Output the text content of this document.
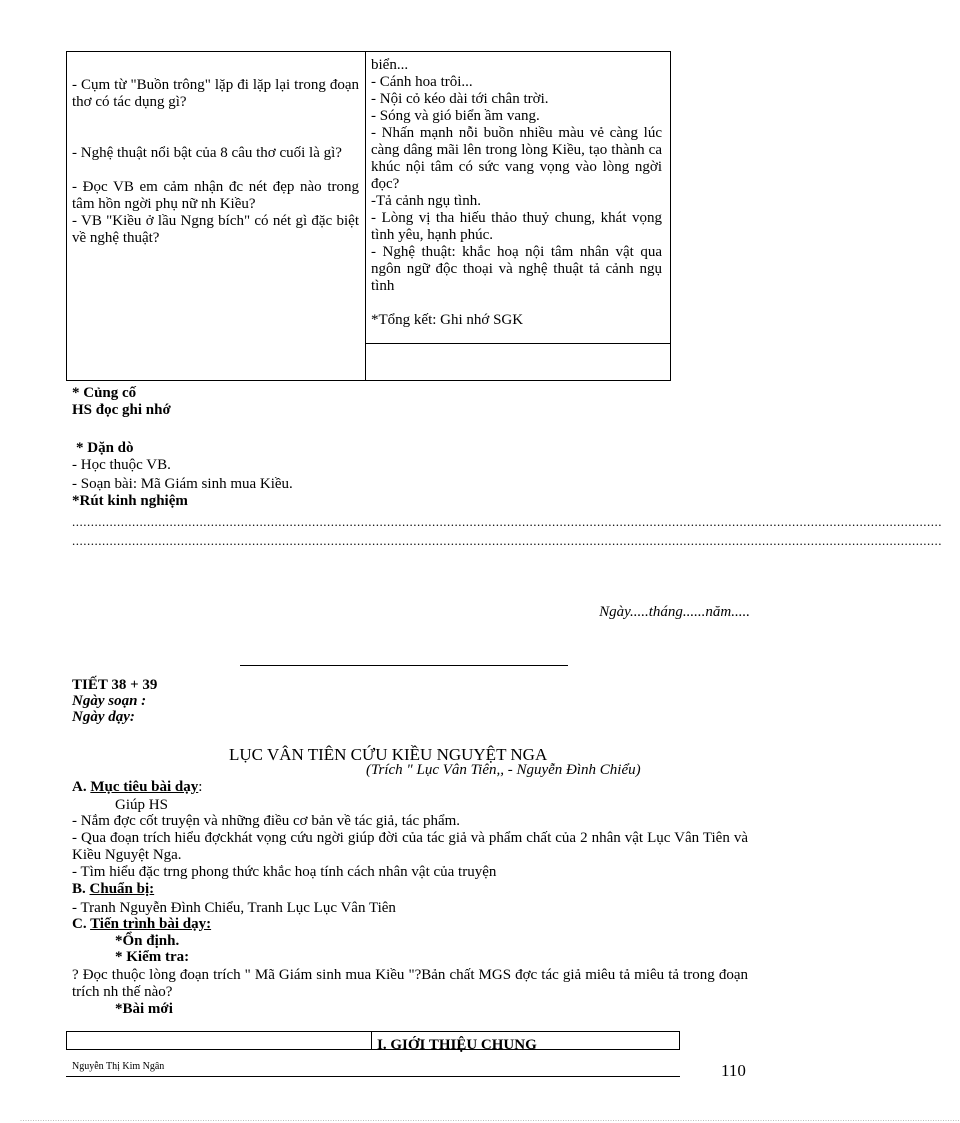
- Cụm từ "Buồn trông" lặp đi lặp lại trong đoạn thơ có tác dụng gì?

- Nghệ thuật nổi bật của 8 câu thơ cuối là gì?

- Đọc VB em cảm nhận đc nét đẹp nào trong tâm hồn ngời phụ nữ nh Kiều?

- VB "Kiều ở lầu Ngng bích" có nét gì đặc biệt về nghệ thuật?

biển...

- Cánh hoa trôi...

- Nội cỏ kéo dài tới chân trời.

- Sóng và gió biển ầm vang.

- Nhấn mạnh nỗi buồn nhiều màu vẻ càng lúc càng dâng mãi lên trong lòng Kiều, tạo thành ca khúc nội tâm có sức vang vọng vào lòng ngời đọc?

-Tả cảnh ngụ tình.

- Lòng vị tha hiếu thảo thuỷ chung, khát vọng tình yêu, hạnh phúc.

- Nghệ thuật: khắc hoạ nội tâm nhân vật qua ngôn ngữ độc thoại và nghệ thuật tả cảnh ngụ tình

*Tổng kết: Ghi nhớ SGK

* Củng cố
HS đọc ghi nhớ
* Dặn dò
- Học thuộc VB.
- Soạn bài: Mã Giám sinh mua Kiều.
*Rút kinh nghiệm
........................................................................................................................................................................................................................................
........................................................................................................................................................................................................................................
Ngày.....tháng......năm.....
TIẾT 38 + 39
Ngày soạn :
Ngày dạy:
LỤC VÂN TIÊN CỨU KIỀU NGUYỆT NGA
(Trích " Lục Vân Tiên,, - Nguyễn Đình Chiểu)
A. Mục tiêu bài dạy:
Giúp HS
- Nắm đợc cốt truyện và những điều cơ bản về tác giả, tác phẩm.
- Qua đoạn trích hiểu đợckhát vọng cứu ngời giúp đời của tác giả và phẩm chất của 2 nhân vật Lục Vân Tiên và Kiều Nguyệt Nga.
- Tìm hiểu đặc trng phong thức khắc hoạ tính cách nhân vật của truyện
B. Chuẩn bị:
- Tranh Nguyễn Đình Chiểu, Tranh Lục Lục Vân Tiên
C. Tiến trình bài dạy:
*Ổn định.
* Kiểm tra:
? Đọc thuộc lòng đoạn trích " Mã Giám sinh mua Kiều "?Bản chất MGS đợc tác giả miêu tả miêu tả trong đoạn trích nh thế nào?
*Bài mới
I. GIỚI THIỆU CHUNG
Nguyễn Thị Kim Ngân	110
........................................................................................................................................................................................................................................................................................................................................................................................
